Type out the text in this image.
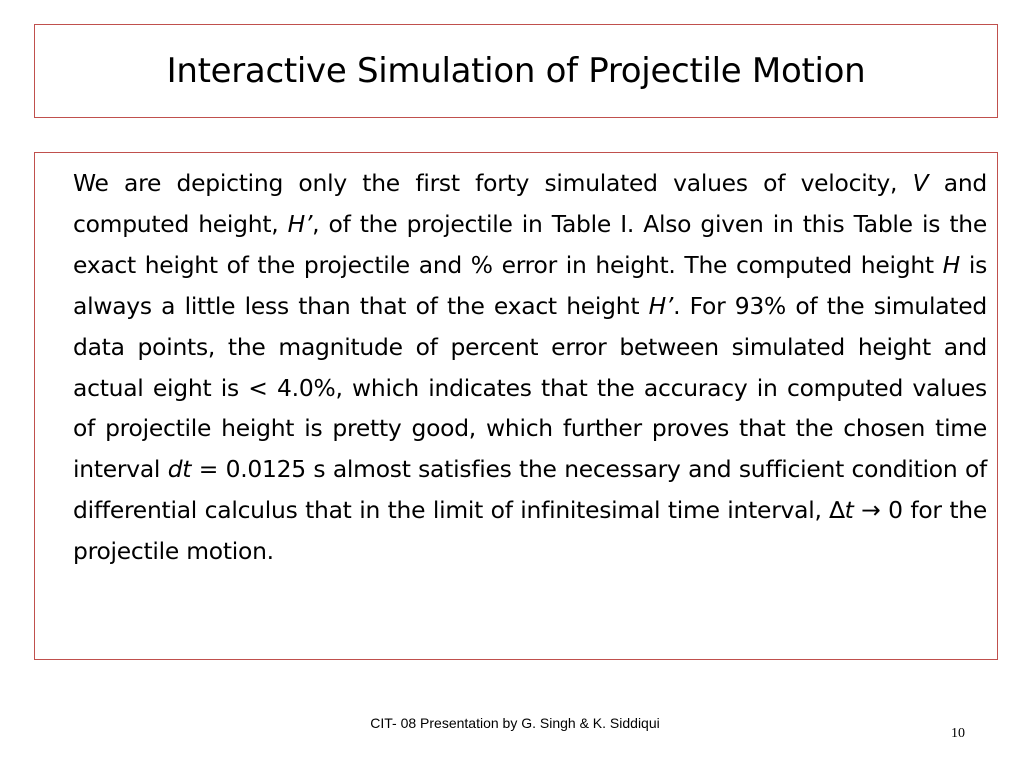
Interactive Simulation of Projectile Motion

We are depicting only the first forty simulated values of velocity, V and computed height, H’, of the projectile in Table I. Also given in this Table is the exact height of the projectile and % error in height. The computed height H is always a little less than that of the exact height H’. For 93% of the simulated data points, the magnitude of percent error between simulated height and actual eight is < 4.0%, which indicates that the accuracy in computed values of projectile height is pretty good, which further proves that the chosen time interval dt = 0.0125 s almost satisfies the necessary and sufficient condition of differential calculus that in the limit of infinitesimal time interval, ∆t → 0 for the projectile motion.

CIT- 08 Presentation by G. Singh & K. Siddiqui
10
